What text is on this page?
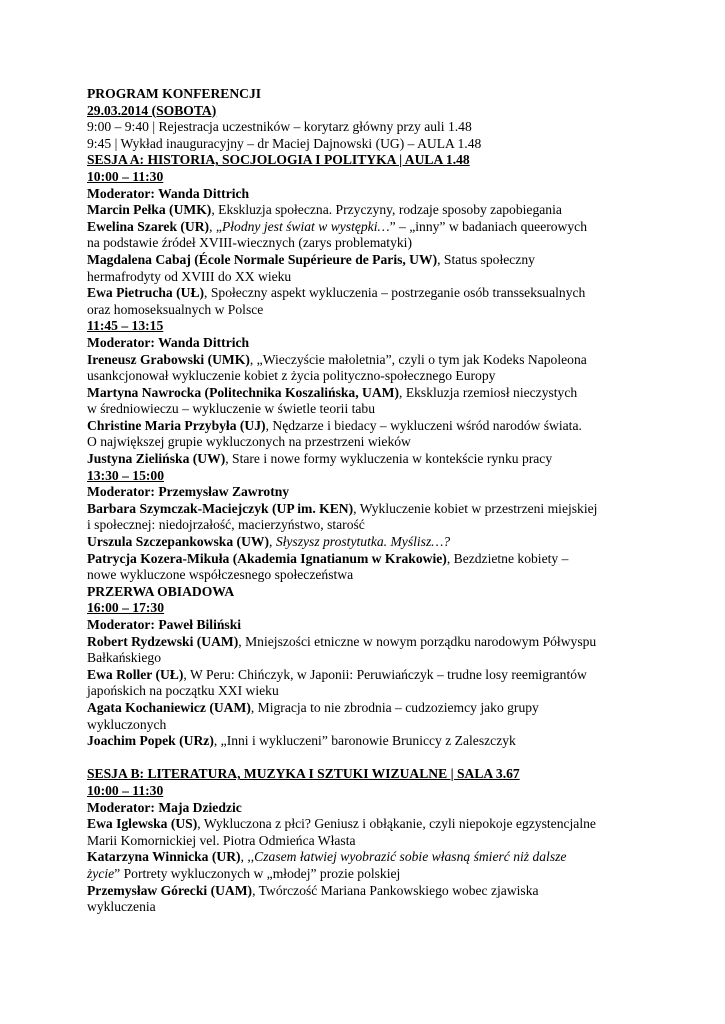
PROGRAM KONFERENCJI
29.03.2014 (SOBOTA)
9:00 – 9:40 | Rejestracja uczestników – korytarz główny przy auli 1.48
9:45 | Wykład inauguracyjny – dr Maciej Dajnowski (UG) – AULA 1.48
SESJA A: HISTORIA, SOCJOLOGIA I POLITYKA | AULA 1.48
10:00 – 11:30
Moderator: Wanda Dittrich
Marcin Pełka (UMK), Ekskluzja społeczna. Przyczyny, rodzaje sposoby zapobiegania
Ewelina Szarek (UR), „Płodny jest świat w występki…” – „inny” w badaniach queerowych
na podstawie źródeł XVIII-wiecznych (zarys problematyki)
Magdalena Cabaj (École Normale Supérieure de Paris, UW), Status społeczny
hermafrodyty od XVIII do XX wieku
Ewa Pietrucha (UŁ), Społeczny aspekt wykluczenia – postrzeganie osób transseksualnych
oraz homoseksualnych w Polsce
11:45 – 13:15
Moderator: Wanda Dittrich
Ireneusz Grabowski (UMK), „Wieczyście małoletnia”, czyli o tym jak Kodeks Napoleona
usankcjonował wykluczenie kobiet z życia polityczno-społecznego Europy
Martyna Nawrocka (Politechnika Koszalińska, UAM), Ekskluzja rzemiosł nieczystych
w średniowieczu – wykluczenie w świetle teorii tabu
Christine Maria Przybyła (UJ), Nędzarze i biedacy – wykluczeni wśród narodów świata.
O największej grupie wykluczonych na przestrzeni wieków
Justyna Zielińska (UW), Stare i nowe formy wykluczenia w kontekście rynku pracy
13:30 – 15:00
Moderator: Przemysław Zawrotny
Barbara Szymczak-Maciejczyk (UP im. KEN), Wykluczenie kobiet w przestrzeni miejskiej
i społecznej: niedojrzałość, macierzyństwo, starość
Urszula Szczepankowska (UW), Słyszysz prostytutka. Myślisz…?
Patrycja Kozera-Mikuła (Akademia Ignatianum w Krakowie), Bezdzietne kobiety –
nowe wykluczone współczesnego społeczeństwa
PRZERWA OBIADOWA
16:00 – 17:30
Moderator: Paweł Biliński
Robert Rydzewski (UAM), Mniejszości etniczne w nowym porządku narodowym Półwyspu
Bałkańskiego
Ewa Roller (UŁ), W Peru: Chińczyk, w Japonii: Peruwiańczyk – trudne losy reemigrantów
japońskich na początku XXI wieku
Agata Kochaniewicz (UAM), Migracja to nie zbrodnia – cudzoziemcy jako grupy
wykluczonych
Joachim Popek (URz), „Inni i wykluczeni” baronowie Bruniccy z Zaleszczyk
SESJA B: LITERATURA, MUZYKA I SZTUKI WIZUALNE | SALA 3.67
10:00 – 11:30
Moderator: Maja Dziedzic
Ewa Iglewska (US), Wykluczona z płci? Geniusz i obłąkanie, czyli niepokoje egzystencjalne
Marii Komornickiej vel. Piotra Odmieńca Własta
Katarzyna Winnicka (UR), ,,Czasem łatwiej wyobrazić sobie własną śmierć niż dalsze
życie” Portrety wykluczonych w „młodej” prozie polskiej
Przemysław Górecki (UAM), Twórczość Mariana Pankowskiego wobec zjawiska
wykluczenia
